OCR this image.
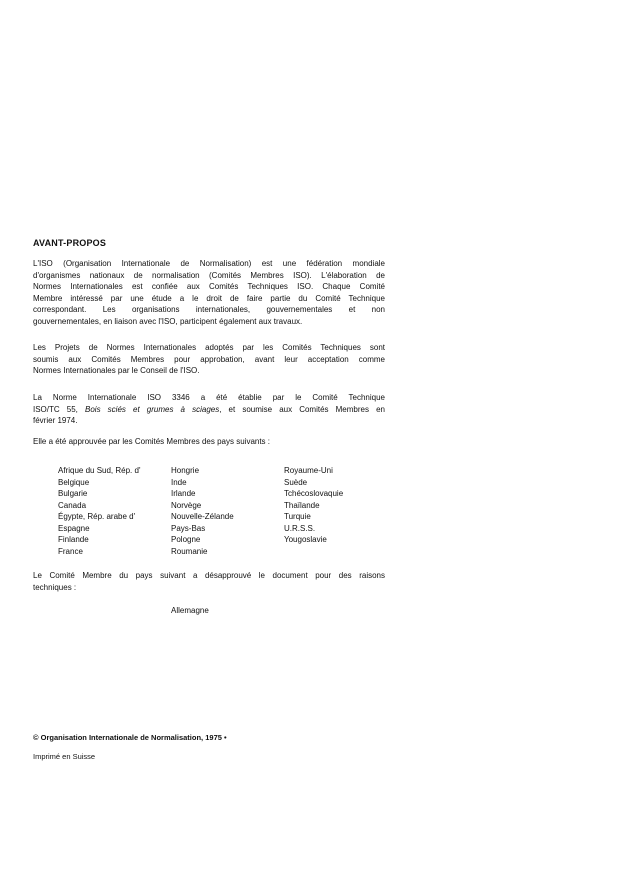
AVANT-PROPOS
L'ISO (Organisation Internationale de Normalisation) est une fédération mondiale
d'organismes nationaux de normalisation (Comités Membres ISO). L'élaboration de
Normes Internationales est confiée aux Comités Techniques ISO. Chaque Comité
Membre intéressé par une étude a le droit de faire partie du Comité Technique
correspondant. Les organisations internationales, gouvernementales et non
gouvernementales, en liaison avec l'ISO, participent également aux travaux.
Les Projets de Normes Internationales adoptés par les Comités Techniques sont
soumis aux Comités Membres pour approbation, avant leur acceptation comme
Normes Internationales par le Conseil de l'ISO.
La Norme Internationale ISO 3346 a été établie par le Comité Technique
ISO/TC 55, Bois sciés et grumes à sciages, et soumise aux Comités Membres en
février 1974.
Elle a été approuvée par les Comités Membres des pays suivants :
Afrique du Sud, Rép. d'
Belgique
Bulgarie
Canada
Égypte, Rép. arabe d'
Espagne
Finlande
France
Hongrie
Inde
Irlande
Norvège
Nouvelle-Zélande
Pays-Bas
Pologne
Roumanie
Royaume-Uni
Suède
Tchécoslovaquie
Thaïlande
Turquie
U.R.S.S.
Yougoslavie
Le Comité Membre du pays suivant a désapprouvé le document pour des raisons
techniques :
Allemagne
© Organisation Internationale de Normalisation, 1975 •
Imprimé en Suisse
